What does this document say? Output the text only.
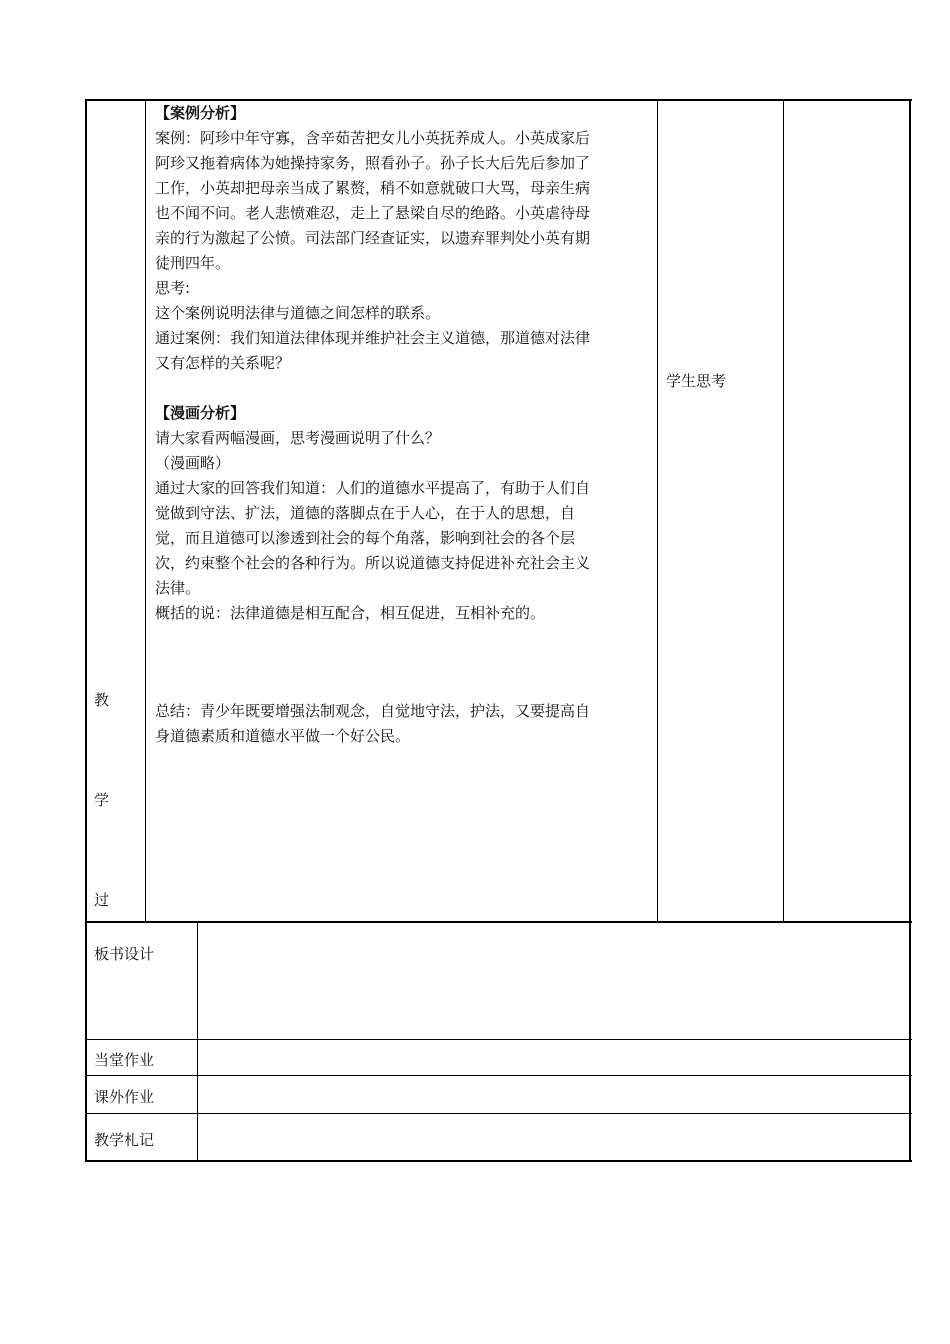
教
学
过
【案例分析】
案例：阿珍中年守寡，含辛茹苦把女儿小英抚养成人。小英成家后
阿珍又拖着病体为她操持家务，照看孙子。孙子长大后先后参加了
工作，小英却把母亲当成了累赘，稍不如意就破口大骂，母亲生病
也不闻不问。老人悲愤难忍，走上了悬梁自尽的绝路。小英虐待母
亲的行为激起了公愤。司法部门经查证实，以遗弃罪判处小英有期
徒刑四年。
思考:
这个案例说明法律与道德之间怎样的联系。
通过案例：我们知道法律体现并维护社会主义道德，那道德对法律
又有怎样的关系呢？
【漫画分析】
请大家看两幅漫画，思考漫画说明了什么？
（漫画略）
通过大家的回答我们知道：人们的道德水平提高了，有助于人们自
觉做到守法、扩法，道德的落脚点在于人心，在于人的思想，自
觉，而且道德可以渗透到社会的每个角落，影响到社会的各个层
次，约束整个社会的各种行为。所以说道德支持促进补充社会主义
法律。
概括的说：法律道德是相互配合，相互促进，互相补充的。
总结：青少年既要增强法制观念，自觉地守法，护法，又要提高自
身道德素质和道德水平做一个好公民。
学生思考
板书设计
当堂作业
课外作业
教学札记
